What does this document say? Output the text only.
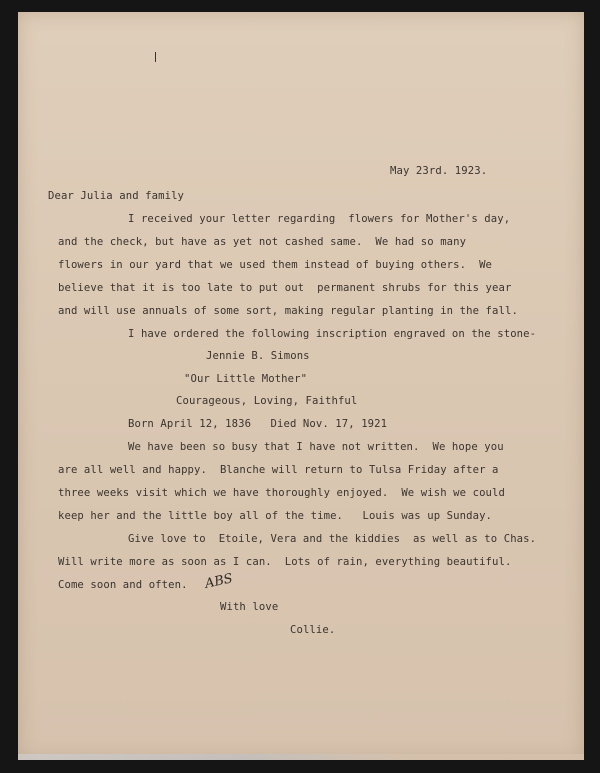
May 23rd. 1923.
Dear Julia and family
I received your letter regarding  flowers for Mother's day,
and the check, but have as yet not cashed same.  We had so many
flowers in our yard that we used them instead of buying others.  We
believe that it is too late to put out  permanent shrubs for this year
and will use annuals of some sort, making regular planting in the fall.
I have ordered the following inscription engraved on the stone-
Jennie B. Simons
"Our Little Mother"
Courageous, Loving, Faithful
Born April 12, 1836   Died Nov. 17, 1921
We have been so busy that I have not written.  We hope you
are all well and happy.  Blanche will return to Tulsa Friday after a
three weeks visit which we have thoroughly enjoyed.  We wish we could
keep her and the little boy all of the time.   Louis was up Sunday.
Give love to  Etoile, Vera and the kiddies  as well as to Chas.
Will write more as soon as I can.  Lots of rain, everything beautiful.
Come soon and often. ABS
With love
Collie.
